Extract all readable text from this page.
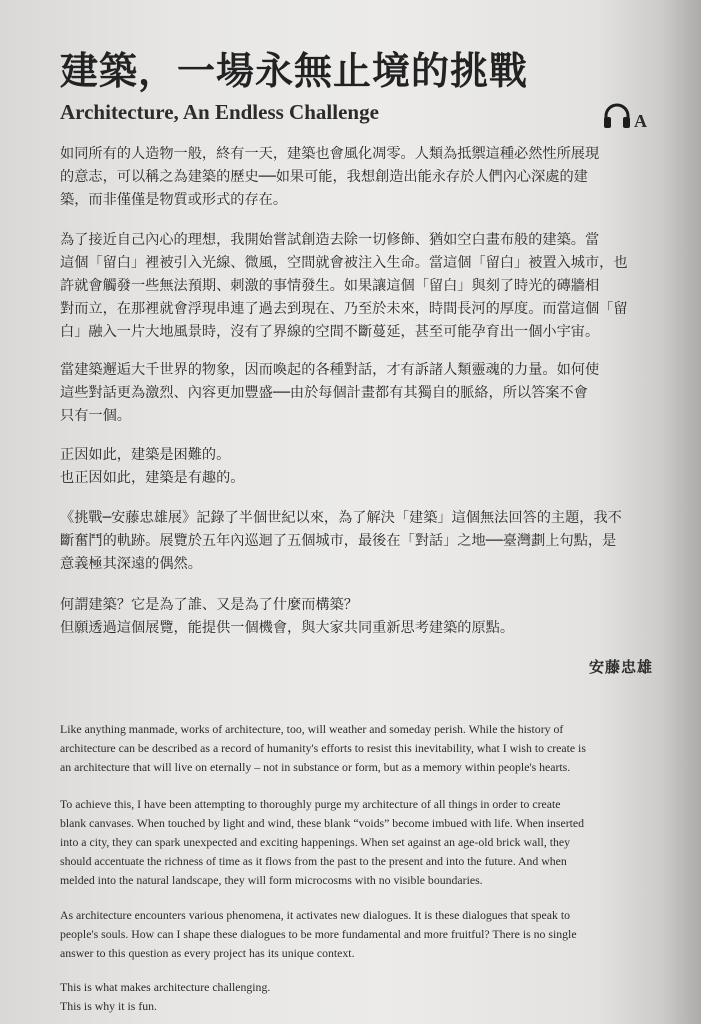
建築，一場永無止境的挑戰
Architecture, An Endless Challenge	A

如同所有的人造物一般，終有一天，建築也會風化凋零。人類為抵禦這種必然性所展現
的意志，可以稱之為建築的歷史──如果可能，我想創造出能永存於人們內心深處的建
築，而非僅僅是物質或形式的存在。

為了接近自己內心的理想，我開始嘗試創造去除一切修飾、猶如空白畫布般的建築。當
這個「留白」裡被引入光線、微風，空間就會被注入生命。當這個「留白」被置入城市，也
許就會觸發一些無法預期、刺激的事情發生。如果讓這個「留白」與刻了時光的磚牆相
對而立，在那裡就會浮現串連了過去到現在、乃至於未來，時間長河的厚度。而當這個「留
白」融入一片大地風景時，沒有了界線的空間不斷蔓延，甚至可能孕育出一個小宇宙。

當建築邂逅大千世界的物象，因而喚起的各種對話，才有訴諸人類靈魂的力量。如何使
這些對話更為激烈、內容更加豐盛──由於每個計畫都有其獨自的脈絡，所以答案不會
只有一個。

正因如此，建築是困難的。
也正因如此，建築是有趣的。

《挑戰─安藤忠雄展》記錄了半個世紀以來，為了解決「建築」這個無法回答的主題，我不
斷奮鬥的軌跡。展覽於五年內巡迴了五個城市，最後在「對話」之地──臺灣劃上句點，是
意義極其深遠的偶然。

何謂建築？它是為了誰、又是為了什麼而構築？
但願透過這個展覽，能提供一個機會，與大家共同重新思考建築的原點。

安藤忠雄

Like anything manmade, works of architecture, too, will weather and someday perish. While the history of
architecture can be described as a record of humanity's efforts to resist this inevitability, what I wish to create is
an architecture that will live on eternally – not in substance or form, but as a memory within people's hearts.

To achieve this, I have been attempting to thoroughly purge my architecture of all things in order to create
blank canvases. When touched by light and wind, these blank “voids” become imbued with life. When inserted
into a city, they can spark unexpected and exciting happenings. When set against an age-old brick wall, they
should accentuate the richness of time as it flows from the past to the present and into the future. And when
melded into the natural landscape, they will form microcosms with no visible boundaries.

As architecture encounters various phenomena, it activates new dialogues. It is these dialogues that speak to
people's souls. How can I shape these dialogues to be more fundamental and more fruitful? There is no single
answer to this question as every project has its unique context.

This is what makes architecture challenging.
This is why it is fun.
